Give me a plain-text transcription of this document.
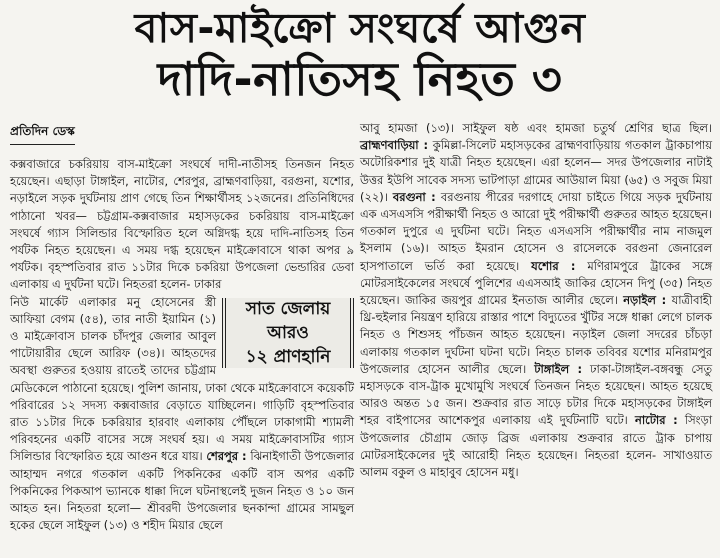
বাস-মাইক্রো সংঘর্ষে আগুন
দাদি-নাতিসহ নিহত ৩
প্রতিদিন ডেস্ক

কক্সবাজারে চকরিয়ায় বাস-মাইক্রো সংঘর্ষে দাদী-নাতীসহ তিনজন নিহত হয়েছেন। এছাড়া টাঙ্গাইল, নাটোর, শেরপুর, ব্রাহ্মণবাড়িয়া, বরগুনা, যশোর, নড়াইলে সড়ক দুর্ঘটনায় প্রাণ গেছে তিন শিক্ষার্থীসহ ১২জনের। প্রতিনিধিদের পাঠানো খবর— চট্টগ্রাম-কক্সবাজার মহাসড়কের চকরিয়ায় বাস-মাইক্রো সংঘর্ষে গ্যাস সিলিন্ডার বিস্ফোরিত হলে অগ্নিদগ্ধ হয়ে দাদি-নাতিসহ তিন পর্যটক নিহত হয়েছেন। এ সময় দগ্ধ হয়েছেন মাইক্রোবাসে থাকা অপর ৯ পর্যটক। বৃহস্পতিবার রাত ১১টার দিকে চকরিয়া উপজেলা ভেন্ডারির ডেবা এলাকায় এ দুর্ঘটনা ঘটে। নিহতরা হলেন- ঢাকার

সাত জেলায় আরও
১২ প্রাণহানি

নিউ মার্কেট এলাকার মনু হোসেনের স্ত্রী আফিয়া বেগম (৫৪), তার নাতী ইয়ামিন (১) ও মাইক্রোবাস চালক চাঁদপুর জেলার আবুল পাটোয়ারীর ছেলে আরিফ (৩৪)। আহতদের অবস্থা গুরুতর হওয়ায় রাতেই তাদের চট্টগ্রাম মেডিকেলে পাঠানো হয়েছে। পুলিশ জানায়, ঢাকা থেকে মাইক্রোবাসে কয়েকটি পরিবারের ১২ সদস্য কক্সবাজার বেড়াতে যাচ্ছিলেন। গাড়িটি বৃহস্পতিবার রাত ১১টার দিকে চকরিয়ার হারবাং এলাকায় পৌঁছলে ঢাকাগামী শ্যামলী পরিবহনের একটি বাসের সঙ্গে সংঘর্ষ হয়। এ সময় মাইক্রোবাসটির গ্যাস সিলিন্ডার বিস্ফোরিত হয়ে আগুন ধরে যায়। শেরপুর : ঝিনাইগাতী উপজেলার আহাম্মদ নগরে গতকাল একটি পিকনিকের একটি বাস অপর একটি পিকনিকের পিকআপ ভ্যানকে ধাক্কা দিলে ঘটনাস্থলেই দুজন নিহত ও ১০ জন আহত হন। নিহতরা হলো— শ্রীবরদী উপজেলার ছনকান্দা গ্রামের সামছুল হকের ছেলে সাইফুল (১৩) ও শহীদ মিয়ার ছেলে

আবু হামজা (১৩)। সাইফুল ষষ্ঠ এবং হামজা চতুর্থ শ্রেণির ছাত্র ছিল। ব্রাহ্মণবাড়িয়া : কুমিল্লা-সিলেট মহাসড়কের ব্রাহ্মণবাড়িয়ায় গতকাল ট্রাকচাপায় অটোরিকশার দুই যাত্রী নিহত হয়েছেন। এরা হলেন— সদর উপজেলার নাটাই উত্তর ইউপি সাবেক সদস্য ভাটপাড়া গ্রামের আউয়াল মিয়া (৬৫) ও সবুজ মিয়া (২২)। বরগুনা : বরগুনায় পীরের দরগাহে দোয়া চাইতে গিয়ে সড়ক দুর্ঘটনায় এক এসএসসি পরীক্ষার্থী নিহত ও আরো দুই পরীক্ষার্থী গুরুতর আহত হয়েছেন। গতকাল দুপুরে এ দুর্ঘটনা ঘটে। নিহত এসএসসি পরীক্ষার্থীর নাম নাজমুল ইসলাম (১৬)। আহত ইমরান হোসেন ও রাসেলকে বরগুনা জেনারেল হাসপাতালে ভর্তি করা হয়েছে। যশোর : মণিরামপুরে ট্রাকের সঙ্গে মোটরসাইকেলের সংঘর্ষে পুলিশের এএসআই জাকির হোসেন দিপু (৩৫) নিহত হয়েছেন। জাকির জয়পুর গ্রামের ইনতাজ আলীর ছেলে। নড়াইল : যাত্রীবাহী থ্রি-হুইলার নিয়ন্ত্রণ হারিয়ে রাস্তার পাশে বিদ্যুতের খুঁটির সঙ্গে ধাক্কা লেগে চালক নিহত ও শিশুসহ পাঁচজন আহত হয়েছেন। নড়াইল জেলা সদরের চাঁচড়া এলাকায় গতকাল দুর্ঘটনা ঘটনা ঘটে। নিহত চালক তবিবর যশোর মনিরামপুর উপজেলার হোসেন আলীর ছেলে। টাঙ্গাইল : ঢাকা-টাঙ্গাইল-বঙ্গবন্ধু সেতু মহাসড়কে বাস-ট্রাক মুখোমুখি সংঘর্ষে তিনজন নিহত হয়েছেন। আহত হয়েছে আরও অন্তত ১৫ জন। শুক্রবার রাত সাড়ে চটার দিকে মহাসড়কের টাঙ্গাইল শহর বাইপাসের আশেকপুর এলাকায় এই দুর্ঘটনাটি ঘটে। নাটোর : সিংড়া উপজেলার চৌগ্রাম জোড় ব্রিজ এলাকায় শুক্রবার রাতে ট্রাক চাপায় মোটরসাইকেলের দুই আরোহী নিহত হয়েছেন। নিহতরা হলেন- সাখাওয়াত আলম বকুল ও মাহাবুব হোসেন মধু।
